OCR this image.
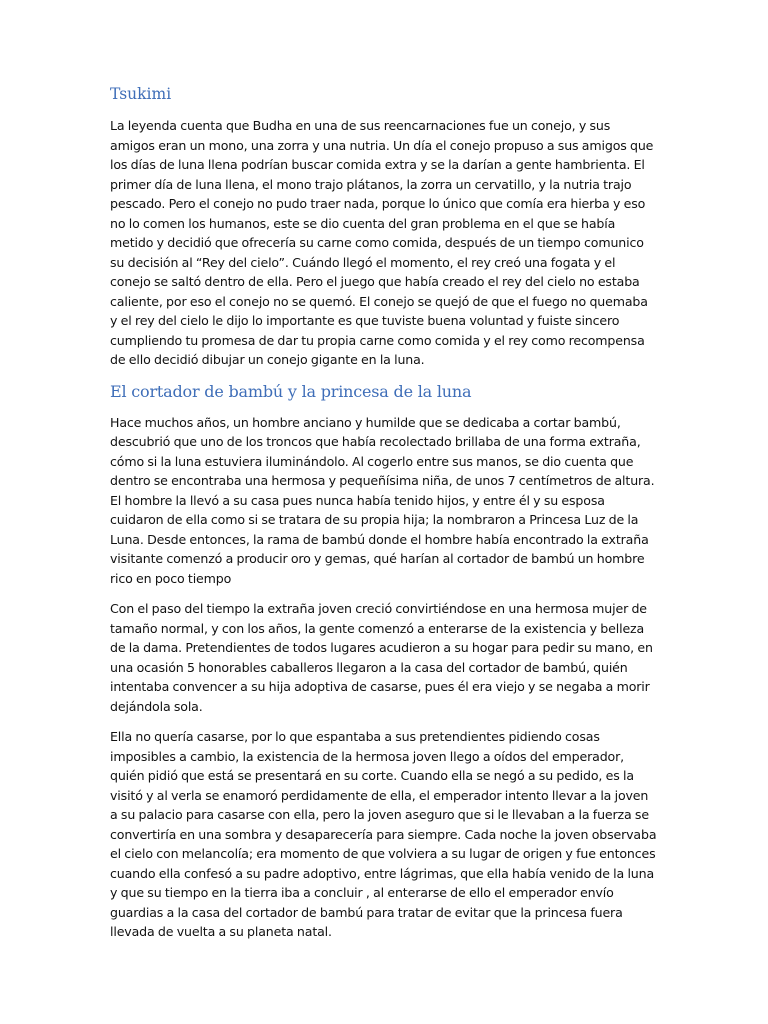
Tsukimi

La leyenda cuenta que Budha en una de sus reencarnaciones fue un conejo, y sus amigos eran un mono, una zorra y una nutria. Un día el conejo propuso a sus amigos que los días de luna llena podrían buscar comida extra y se la darían a gente hambrienta. El primer día de luna llena, el mono trajo plátanos, la zorra un cervatillo, y la nutria trajo pescado. Pero el conejo no pudo traer nada, porque lo único que comía era hierba y eso no lo comen los humanos, este se dio cuenta del gran problema en el que se había metido y decidió que ofrecería su carne como comida, después de un tiempo comunico su decisión al “Rey del cielo”. Cuándo llegó el momento, el rey creó una fogata y el conejo se saltó dentro de ella. Pero el juego que había creado el rey del cielo no estaba caliente, por eso el conejo no se quemó. El conejo se quejó de que el fuego no quemaba y el rey del cielo le dijo lo importante es que tuviste buena voluntad y fuiste sincero cumpliendo tu promesa de dar tu propia carne como comida y el rey como recompensa de ello decidió dibujar un conejo gigante en la luna.

El cortador de bambú y la princesa de la luna

Hace muchos años, un hombre anciano y humilde que se dedicaba a cortar bambú, descubrió que uno de los troncos que había recolectado brillaba de una forma extraña, cómo si la luna estuviera iluminándolo. Al cogerlo entre sus manos, se dio cuenta que dentro se encontraba una hermosa y pequeñísima niña, de unos 7 centímetros de altura. El hombre la llevó a su casa pues nunca había tenido hijos, y entre él y su esposa cuidaron de ella como si se tratara de su propia hija; la nombraron a Princesa Luz de la Luna. Desde entonces, la rama de bambú donde el hombre había encontrado la extraña visitante comenzó a producir oro y gemas, qué harían al cortador de bambú un hombre rico en poco tiempo

Con el paso del tiempo la extraña joven creció convirtiéndose en una hermosa mujer de tamaño normal, y con los años, la gente comenzó a enterarse de la existencia y belleza de la dama. Pretendientes de todos lugares acudieron a su hogar para pedir su mano, en una ocasión 5 honorables caballeros llegaron a la casa del cortador de bambú, quién intentaba convencer a su hija adoptiva de casarse, pues él era viejo y se negaba a morir dejándola sola.

Ella no quería casarse, por lo que espantaba a sus pretendientes pidiendo cosas imposibles a cambio, la existencia de la hermosa joven llego a oídos del emperador, quién pidió que está se presentará en su corte. Cuando ella se negó a su pedido, es la visitó y al verla se enamoró perdidamente de ella, el emperador intento llevar a la joven a su palacio para casarse con ella, pero la joven aseguro que si le llevaban a la fuerza se convertiría en una sombra y desaparecería para siempre. Cada noche la joven observaba el cielo con melancolía; era momento de que volviera a su lugar de origen y fue entonces cuando ella confesó a su padre adoptivo, entre lágrimas, que ella había venido de la luna y que su tiempo en la tierra iba a concluir , al enterarse de ello el emperador envío guardias a la casa del cortador de bambú para tratar de evitar que la princesa fuera llevada de vuelta a su planeta natal.
